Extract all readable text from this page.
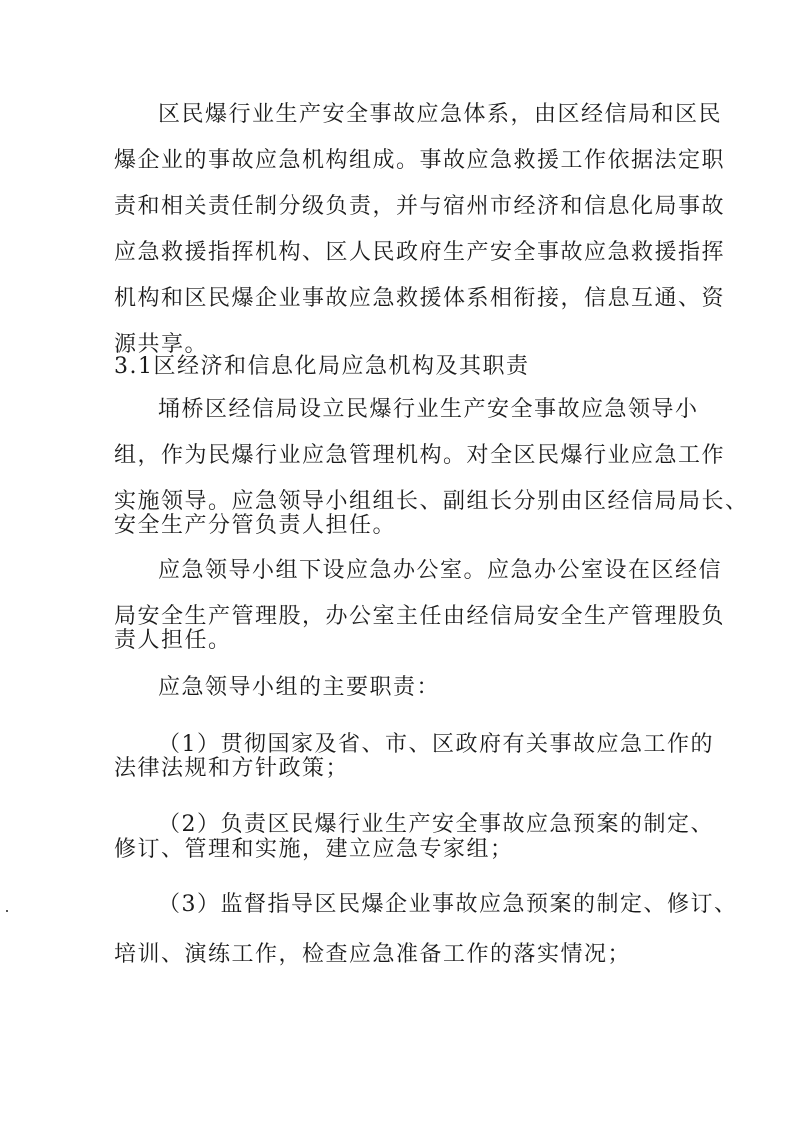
区民爆行业生产安全事故应急体系，由区经信局和区民
爆企业的事故应急机构组成。事故应急救援工作依据法定职
责和相关责任制分级负责，并与宿州市经济和信息化局事故
应急救援指挥机构、区人民政府生产安全事故应急救援指挥
机构和区民爆企业事故应急救援体系相衔接，信息互通、资
源共享。
3.1区经济和信息化局应急机构及其职责
埇桥区经信局设立民爆行业生产安全事故应急领导小
组，作为民爆行业应急管理机构。对全区民爆行业应急工作
实施领导。应急领导小组组长、副组长分别由区经信局局长、
安全生产分管负责人担任。
应急领导小组下设应急办公室。应急办公室设在区经信
局安全生产管理股，办公室主任由经信局安全生产管理股负
责人担任。
应急领导小组的主要职责：
（1）贯彻国家及省、市、区政府有关事故应急工作的
法律法规和方针政策；
（2）负责区民爆行业生产安全事故应急预案的制定、
修订、管理和实施，建立应急专家组；
（3）监督指导区民爆企业事故应急预案的制定、修订、
培训、演练工作，检查应急准备工作的落实情况；
